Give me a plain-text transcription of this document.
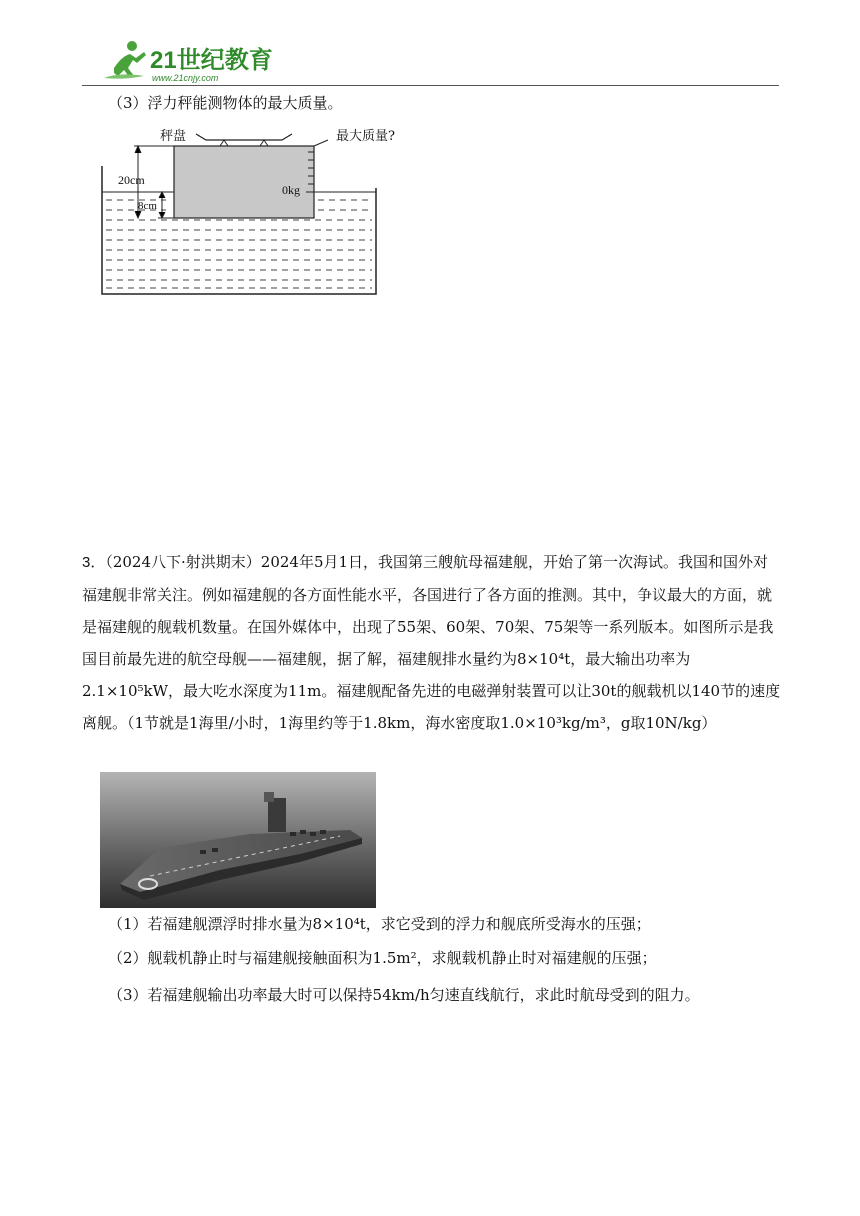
21世纪教育
www.21cnjy.com
（3）浮力秤能测物体的最大质量。
秤盘	最大质量?
20cm
8cm
0kg
3．（2024八下·射洪期末）2024年5月1日，我国第三艘航母福建舰，开始了第一次海试。我国和国外对福建舰非常关注。例如福建舰的各方面性能水平，各国进行了各方面的推测。其中，争议最大的方面，就是福建舰的舰载机数量。在国外媒体中，出现了55架、60架、70架、75架等一系列版本。如图所示是我国目前最先进的航空母舰——福建舰，据了解，福建舰排水量约为8×10⁴t，最大输出功率为2.1×10⁵kW，最大吃水深度为11m。福建舰配备先进的电磁弹射装置可以让30t的舰载机以140节的速度离舰。（1节就是1海里/小时，1海里约等于1.8km，海水密度取1.0×10³kg/m³，g取10N/kg）
（1）若福建舰漂浮时排水量为8×10⁴t，求它受到的浮力和舰底所受海水的压强；
（2）舰载机静止时与福建舰接触面积为1.5m²，求舰载机静止时对福建舰的压强；
（3）若福建舰输出功率最大时可以保持54km/h匀速直线航行，求此时航母受到的阻力。
